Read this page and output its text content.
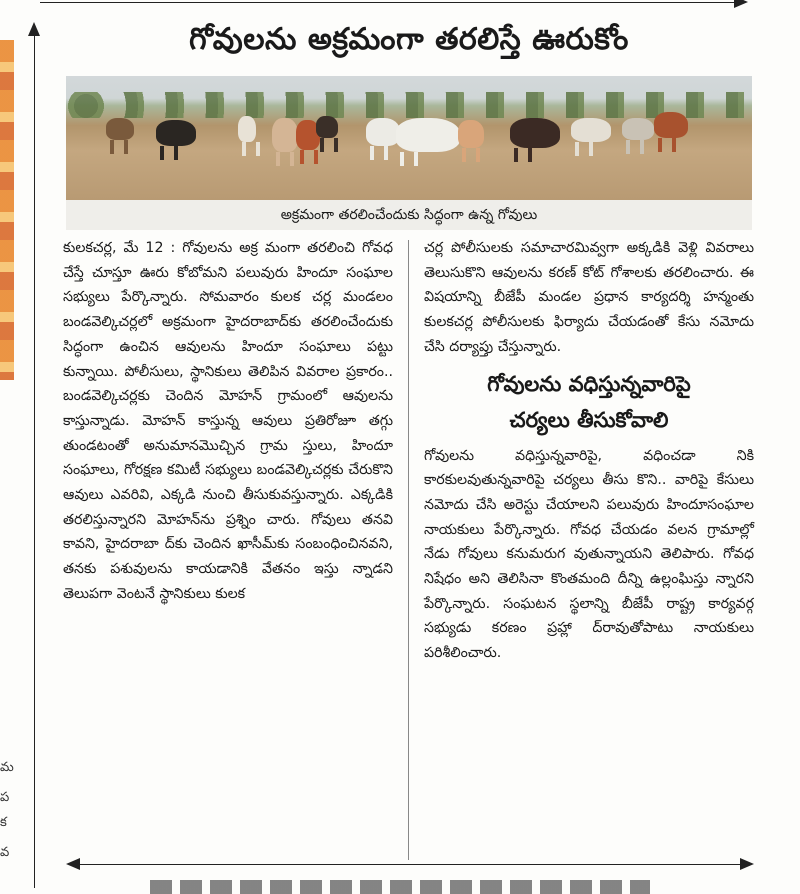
మ
ప
క
వ
గోవులను అక్రమంగా తరలిస్తే ఊరుకోం
అక్రమంగా తరలించేందుకు సిద్ధంగా ఉన్న గోవులు

కులకచర్ల, మే 12 : గోవులను అక్ర మంగా తరలించి గోవధ చేస్తే చూస్తూ ఊరు కోబోమని పలువురు హిందూ సంఘాల సభ్యులు పేర్కొన్నారు. సోమవారం కులక చర్ల మండలం బండవెల్కిచర్లలో అక్రమంగా హైదరాబాద్‌కు తరలించేందుకు సిద్ధంగా ఉంచిన ఆవులను హిందూ సంఘాలు పట్టు కున్నాయి. పోలీసులు, స్థానికులు తెలిపిన వివరాల ప్రకారం.. బండవెల్కిచర్లకు చెందిన మోహన్ గ్రామంలో ఆవులను కాస్తున్నాడు. మోహన్ కాస్తున్న ఆవులు ప్రతిరోజూ తగ్గు తుండటంతో అనుమానమొచ్చిన గ్రామ స్తులు, హిందూ సంఘాలు, గోరక్షణ కమిటీ సభ్యులు బండవెల్కిచర్లకు చేరుకొని ఆవులు ఎవరివి, ఎక్కడి నుంచి తీసుకువస్తున్నారు. ఎక్కడికి తరలిస్తున్నారని మోహన్‌ను ప్రశ్నిం చారు. గోవులు తనవి కావని, హైదరాబా ద్‌కు చెందిన ఖాసీమ్‌కు సంబంధించినవని, తనకు పశువులను కాయడానికి వేతనం ఇస్తు న్నాడని తెలుపగా వెంటనే స్థానికులు కులక

చర్ల పోలీసులకు సమాచారమివ్వగా అక్కడికి వెళ్లి వివరాలు తెలుసుకొని ఆవులను కరణ్ కోట్ గోశాలకు తరలించారు. ఈ విషయాన్ని బీజేపీ మండల ప్రధాన కార్యదర్శి హన్మంతు కులకచర్ల పోలీసులకు ఫిర్యాదు చేయడంతో కేసు నమోదు చేసి దర్యాప్తు చేస్తున్నారు.

గోవులను వధిస్తున్నవారిపై
చర్యలు తీసుకోవాలి

గోవులను వధిస్తున్నవారిపై, వధించడా నికి కారకులవుతున్నవారిపై చర్యలు తీసు కొని.. వారిపై కేసులు నమోదు చేసి అరెస్టు చేయాలని పలువురు హిందూసంఘాల నాయకులు పేర్కొన్నారు. గోవధ చేయడం వలన గ్రామాల్లో నేడు గోవులు కనుమరుగ వుతున్నాయని తెలిపారు. గోవధ నిషేధం అని తెలిసినా కొంతమంది దీన్ని ఉల్లంఘిస్తు న్నారని పేర్కొన్నారు. సంఘటన స్థలాన్ని బీజేపీ రాష్ట్ర కార్యవర్గ సభ్యుడు కరణం ప్రహ్లా ద్‌రావుతోపాటు నాయకులు పరిశీలించారు.
